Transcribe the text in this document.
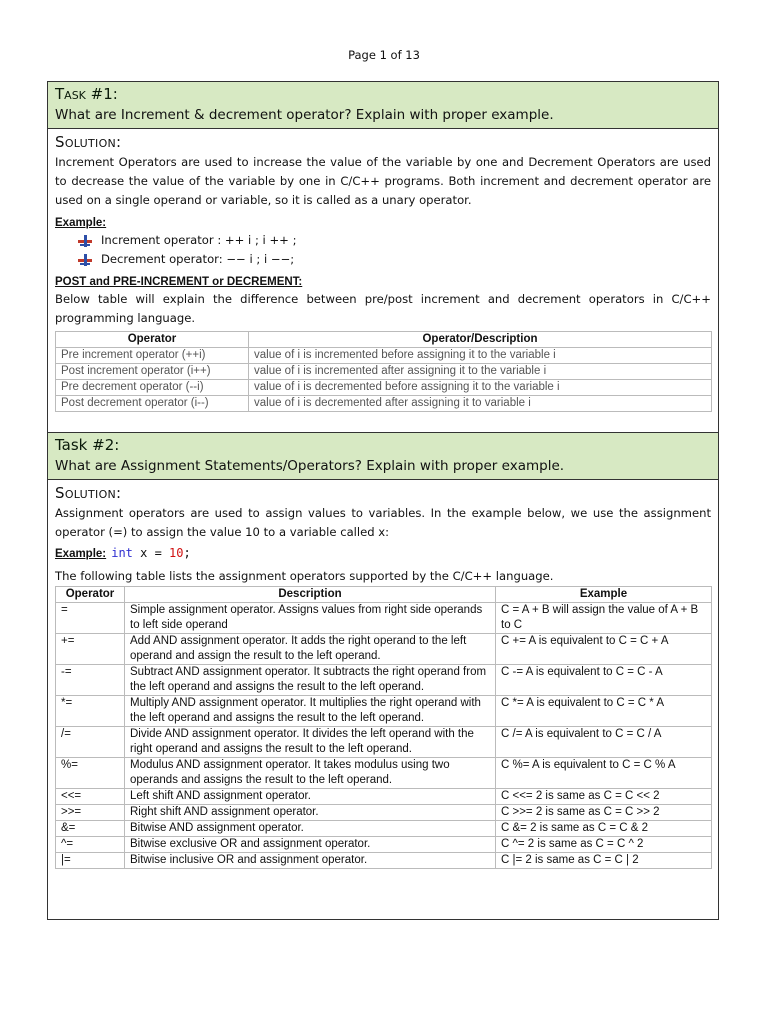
Page 1 of 13
Task #1:
What are Increment & decrement operator? Explain with proper example.
Solution:

Increment Operators are used to increase the value of the variable by one and Decrement Operators are used to decrease the value of the variable by one in C/C++ programs. Both increment and decrement operator are used on a single operand or variable, so it is called as a unary operator.

Example:
Increment operator : ++ i ; i ++ ;
Decrement operator: −− i ; i −−;
POST and PRE-INCREMENT or DECREMENT:

Below table will explain the difference between pre/post increment and decrement operators in C/C++ programming language.

Operator	Operator/Description
Pre increment operator (++i)	value of i is incremented before assigning it to the variable i
Post increment operator (i++)	value of i is incremented after assigning it to the variable i
Pre decrement operator (--i)	value of i is decremented before assigning it to the variable i
Post decrement operator (i--)	value of i is decremented after assigning it to variable i
Task #2:
What are Assignment Statements/Operators? Explain with proper example.
Solution:

Assignment operators are used to assign values to variables. In the example below, we use the assignment operator (=) to assign the value 10 to a variable called x:

Example: int x = 10;

The following table lists the assignment operators supported by the C/C++ language.

Operator	Description	Example
=	Simple assignment operator. Assigns values from right side operands to left side operand	C = A + B will assign the value of A + B to C
+=	Add AND assignment operator. It adds the right operand to the left operand and assign the result to the left operand.	C += A is equivalent to C = C + A
-=	Subtract AND assignment operator. It subtracts the right operand from the left operand and assigns the result to the left operand.	C -= A is equivalent to C = C - A
*=	Multiply AND assignment operator. It multiplies the right operand with the left operand and assigns the result to the left operand.	C *= A is equivalent to C = C * A
/=	Divide AND assignment operator. It divides the left operand with the right operand and assigns the result to the left operand.	C /= A is equivalent to C = C / A
%=	Modulus AND assignment operator. It takes modulus using two operands and assigns the result to the left operand.	C %= A is equivalent to C = C % A
<<=	Left shift AND assignment operator.	C <<= 2 is same as C = C << 2
>>=	Right shift AND assignment operator.	C >>= 2 is same as C = C >> 2
&=	Bitwise AND assignment operator.	C &= 2 is same as C = C & 2
^=	Bitwise exclusive OR and assignment operator.	C ^= 2 is same as C = C ^ 2
|=	Bitwise inclusive OR and assignment operator.	C |= 2 is same as C = C | 2
